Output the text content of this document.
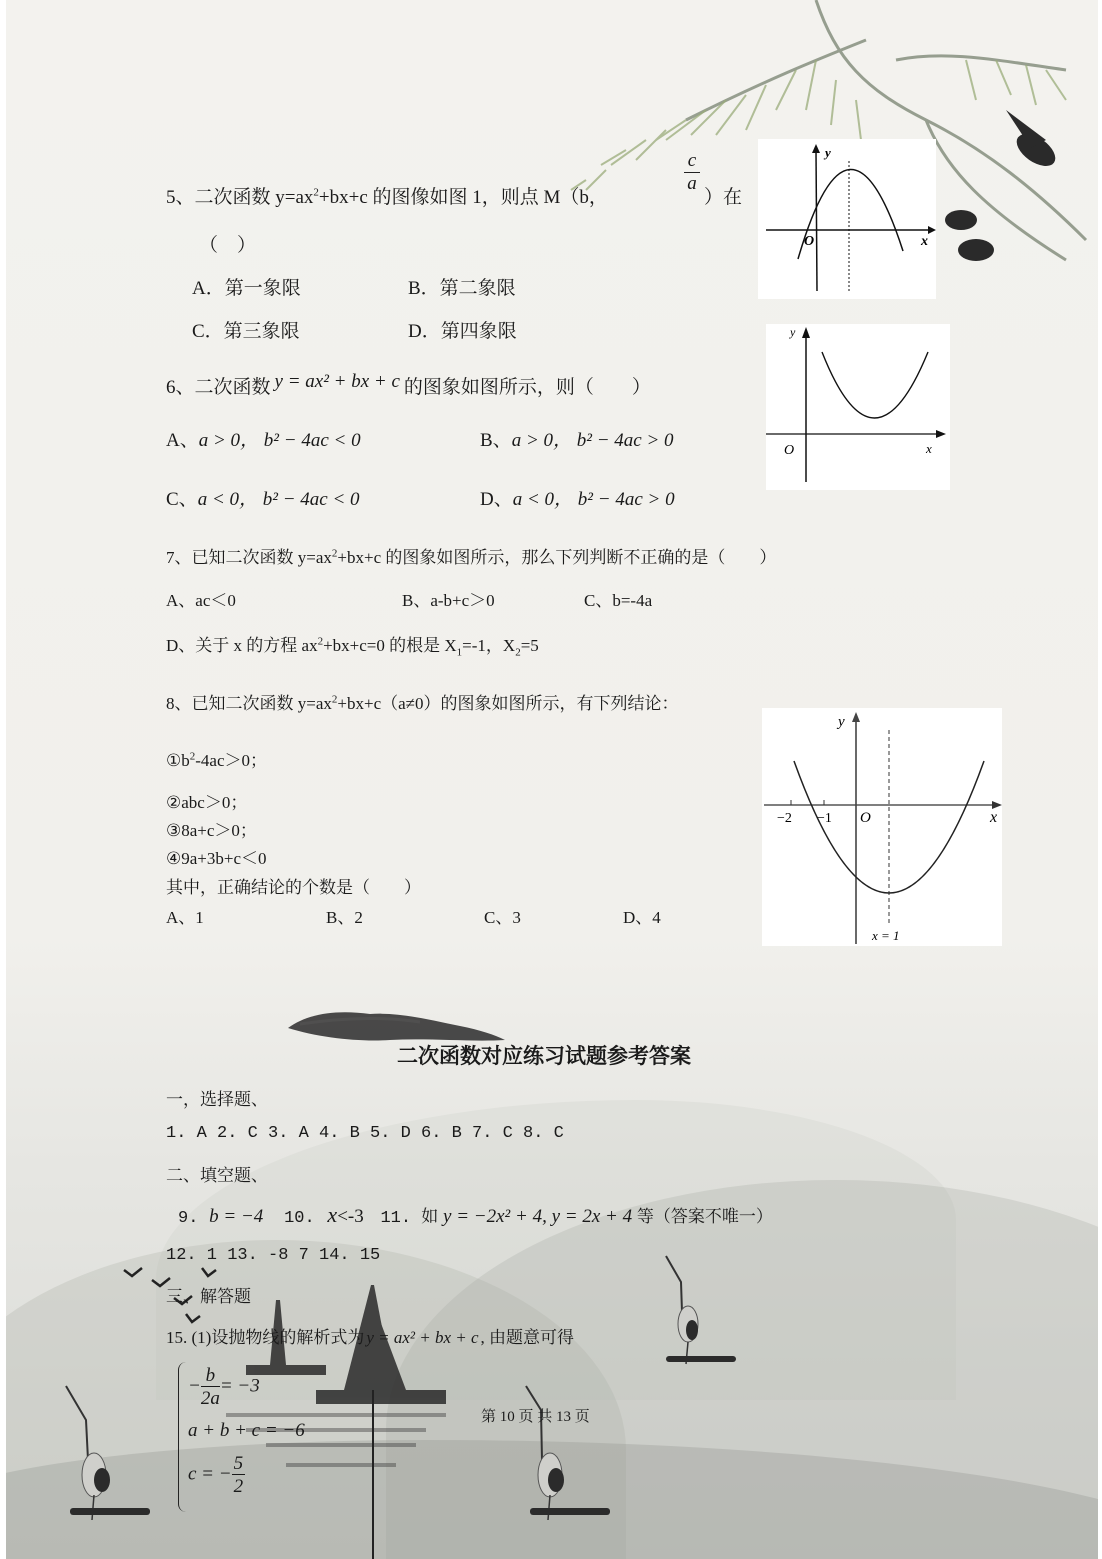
5、二次函数 $y=ax^2+bx+c$ 的图像如图 1，则点 M（b，
c
a
）在
（　）
A．第一象限	B．第二象限
C．第三象限	D．第四象限
y
x
O
6、二次函数 y = ax² + bx + c 的图象如图所示，则（　　）
A、a > 0， b² − 4ac < 0	B、a > 0， b² − 4ac > 0
C、a < 0， b² − 4ac < 0	D、a < 0， b² − 4ac > 0
y
x
O
7、已知二次函数 $y=ax^2+bx+c$ 的图象如图所示，那么下列判断不正确的是（　　）
A、ac＜0	B、a-b+c＞0	C、b=-4a
D、关于 x 的方程 $ax^2+bx+c=0$ 的根是 $X_1=-1$，$X_2=5$
8、已知二次函数 $y=ax^2+bx+c(a\ne 0)$的图象如图所示，有下列结论：
$①b^2-4ac>0$；
②abc＞0；
③8a+c＞0；
④9a+3b+c＜0
其中，正确结论的个数是（　　）
A、1	B、2	C、3	D、4
y
x
O
−2 −1
x = 1
二次函数对应练习试题参考答案
一，选择题、
1. A 2. C 3. A 4. B 5. D 6. B 7. C 8. C
二、填空题、
9. b = −4 10. x<-3 11. 如 y = −2x² + 4, y = 2x + 4 等（答案不唯一）
12. 1 13. -8 7 14. 15
三、解答题
15. (1)设抛物线的解析式为 y = ax² + bx + c , 由题意可得
− $\frac{b}{2a} = -3$
a + b + c = −6
c = − $\frac{5}{2}$
第 10 页 共 13 页
